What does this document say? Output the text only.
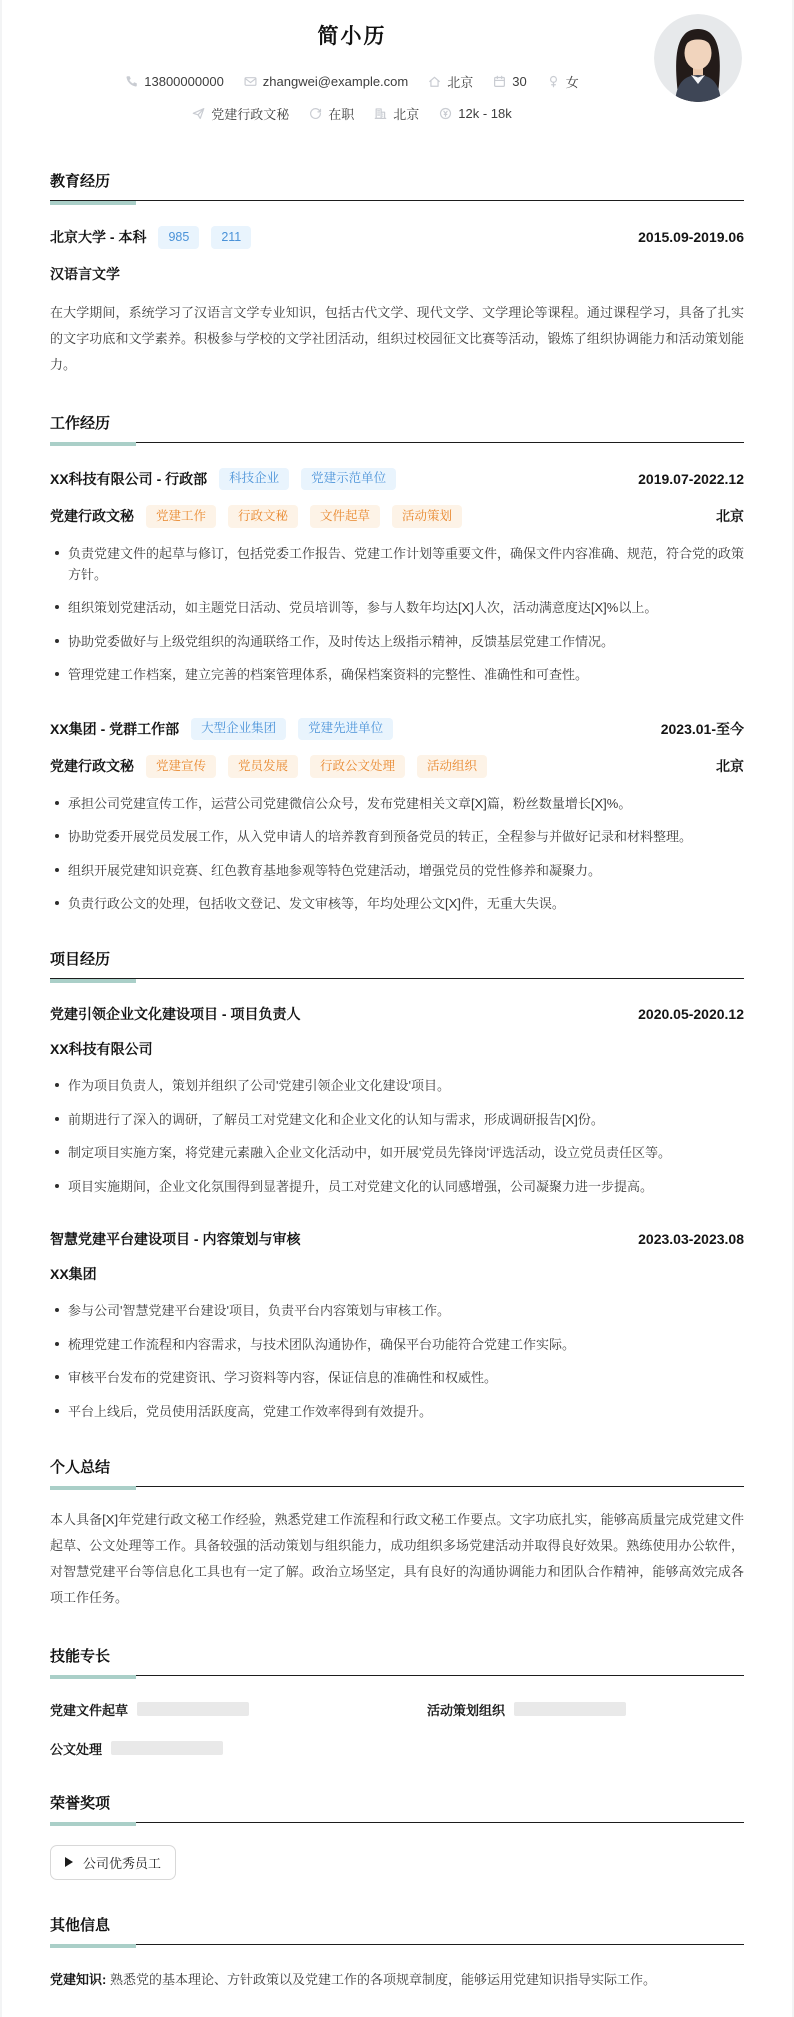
简小历
13800000000	zhangwei@example.com	北京	30	女
党建行政文秘	在职	北京	12k - 18k
教育经历
北京大学 - 本科	985	211	2015.09-2019.06

汉语言文学

在大学期间，系统学习了汉语言文学专业知识，包括古代文学、现代文学、文学理论等课程。通过课程学习，具备了扎实的文字功底和文学素养。积极参与学校的文学社团活动，组织过校园征文比赛等活动，锻炼了组织协调能力和活动策划能力。

工作经历
XX科技有限公司 - 行政部	科技企业	党建示范单位	2019.07-2022.12
党建行政文秘	党建工作	行政文秘	文件起草	活动策划	北京
负责党建文件的起草与修订，包括党委工作报告、党建工作计划等重要文件，确保文件内容准确、规范，符合党的政策方针。
组织策划党建活动，如主题党日活动、党员培训等，参与人数年均达[X]人次，活动满意度达[X]%以上。
协助党委做好与上级党组织的沟通联络工作，及时传达上级指示精神，反馈基层党建工作情况。
管理党建工作档案，建立完善的档案管理体系，确保档案资料的完整性、准确性和可查性。
XX集团 - 党群工作部	大型企业集团	党建先进单位	2023.01-至今
党建行政文秘	党建宣传	党员发展	行政公文处理	活动组织	北京
承担公司党建宣传工作，运营公司党建微信公众号，发布党建相关文章[X]篇，粉丝数量增长[X]%。
协助党委开展党员发展工作，从入党申请人的培养教育到预备党员的转正，全程参与并做好记录和材料整理。
组织开展党建知识竞赛、红色教育基地参观等特色党建活动，增强党员的党性修养和凝聚力。
负责行政公文的处理，包括收文登记、发文审核等，年均处理公文[X]件，无重大失误。
项目经历
党建引领企业文化建设项目 - 项目负责人	2020.05-2020.12

XX科技有限公司

作为项目负责人，策划并组织了公司'党建引领企业文化建设'项目。
前期进行了深入的调研，了解员工对党建文化和企业文化的认知与需求，形成调研报告[X]份。
制定项目实施方案，将党建元素融入企业文化活动中，如开展'党员先锋岗'评选活动，设立党员责任区等。
项目实施期间，企业文化氛围得到显著提升，员工对党建文化的认同感增强，公司凝聚力进一步提高。
智慧党建平台建设项目 - 内容策划与审核	2023.03-2023.08

XX集团

参与公司'智慧党建平台建设'项目，负责平台内容策划与审核工作。
梳理党建工作流程和内容需求，与技术团队沟通协作，确保平台功能符合党建工作实际。
审核平台发布的党建资讯、学习资料等内容，保证信息的准确性和权威性。
平台上线后，党员使用活跃度高，党建工作效率得到有效提升。
个人总结

本人具备[X]年党建行政文秘工作经验，熟悉党建工作流程和行政文秘工作要点。文字功底扎实，能够高质量完成党建文件起草、公文处理等工作。具备较强的活动策划与组织能力，成功组织多场党建活动并取得良好效果。熟练使用办公软件，对智慧党建平台等信息化工具也有一定了解。政治立场坚定，具有良好的沟通协调能力和团队合作精神，能够高效完成各项工作任务。

技能专长
党建文件起草	活动策划组织
公文处理
荣誉奖项
公司优秀员工
其他信息

党建知识: 熟悉党的基本理论、方针政策以及党建工作的各项规章制度，能够运用党建知识指导实际工作。
